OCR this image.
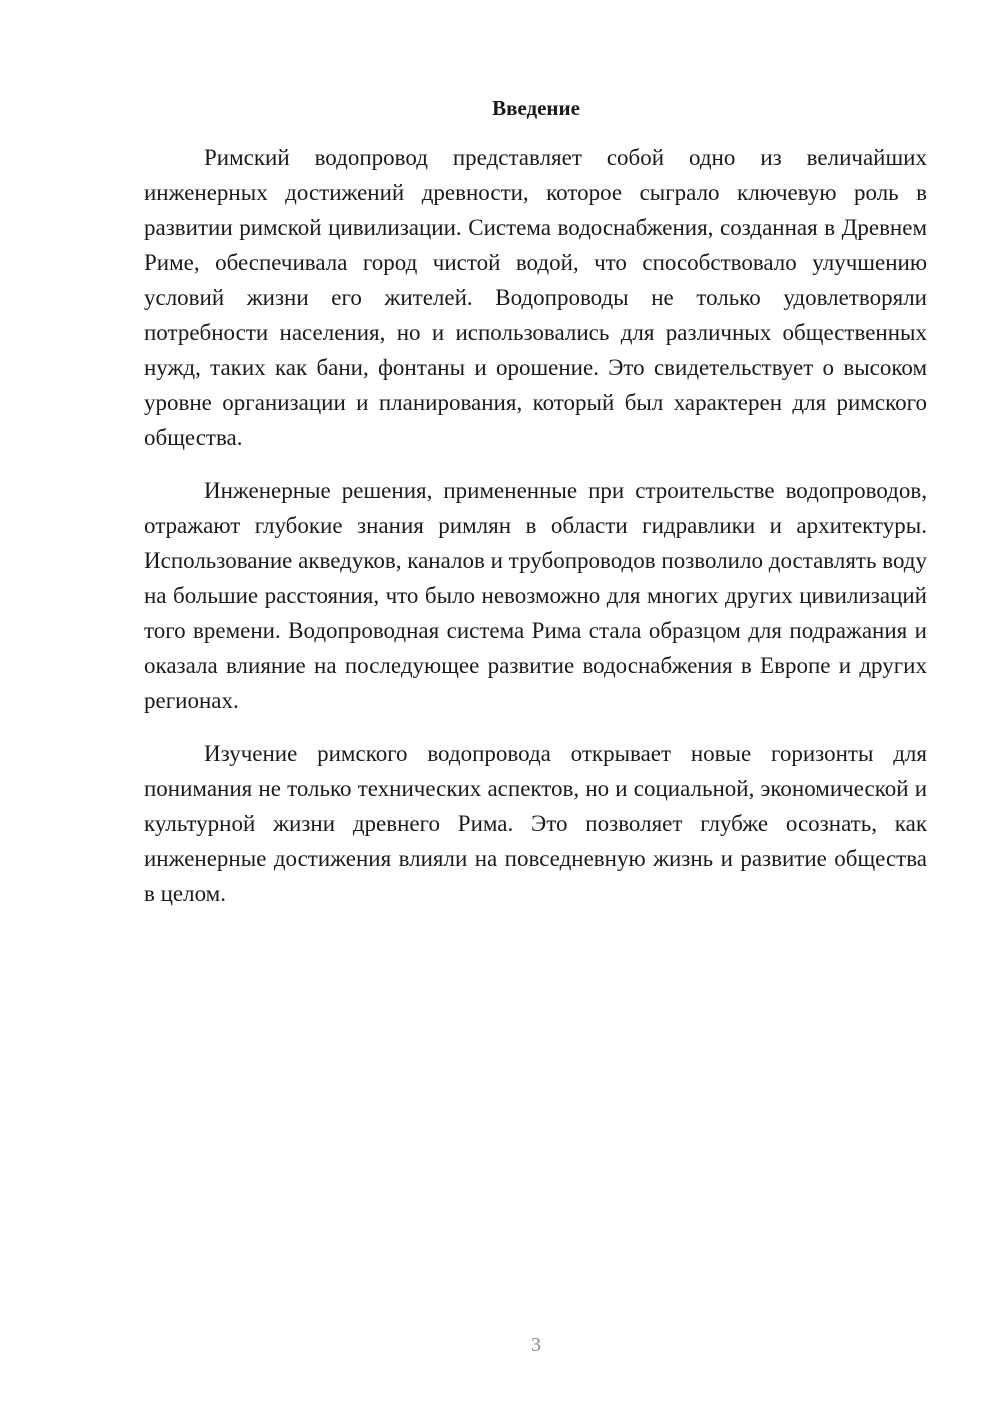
Введение

Римский водопровод представляет собой одно из величайших инженерных достижений древности, которое сыграло ключевую роль в развитии римской цивилизации. Система водоснабжения, созданная в Древнем Риме, обеспечивала город чистой водой, что способствовало улучшению условий жизни его жителей. Водопроводы не только удовлетворяли потребности населения, но и использовались для различных общественных нужд, таких как бани, фонтаны и орошение. Это свидетельствует о высоком уровне организации и планирования, который был характерен для римского общества.

Инженерные решения, примененные при строительстве водопроводов, отражают глубокие знания римлян в области гидравлики и архитектуры. Использование акведуков, каналов и трубопроводов позволило доставлять воду на большие расстояния, что было невозможно для многих других цивилизаций того времени. Водопроводная система Рима стала образцом для подражания и оказала влияние на последующее развитие водоснабжения в Европе и других регионах.

Изучение римского водопровода открывает новые горизонты для понимания не только технических аспектов, но и социальной, экономической и культурной жизни древнего Рима. Это позволяет глубже осознать, как инженерные достижения влияли на повседневную жизнь и развитие общества в целом.

3
